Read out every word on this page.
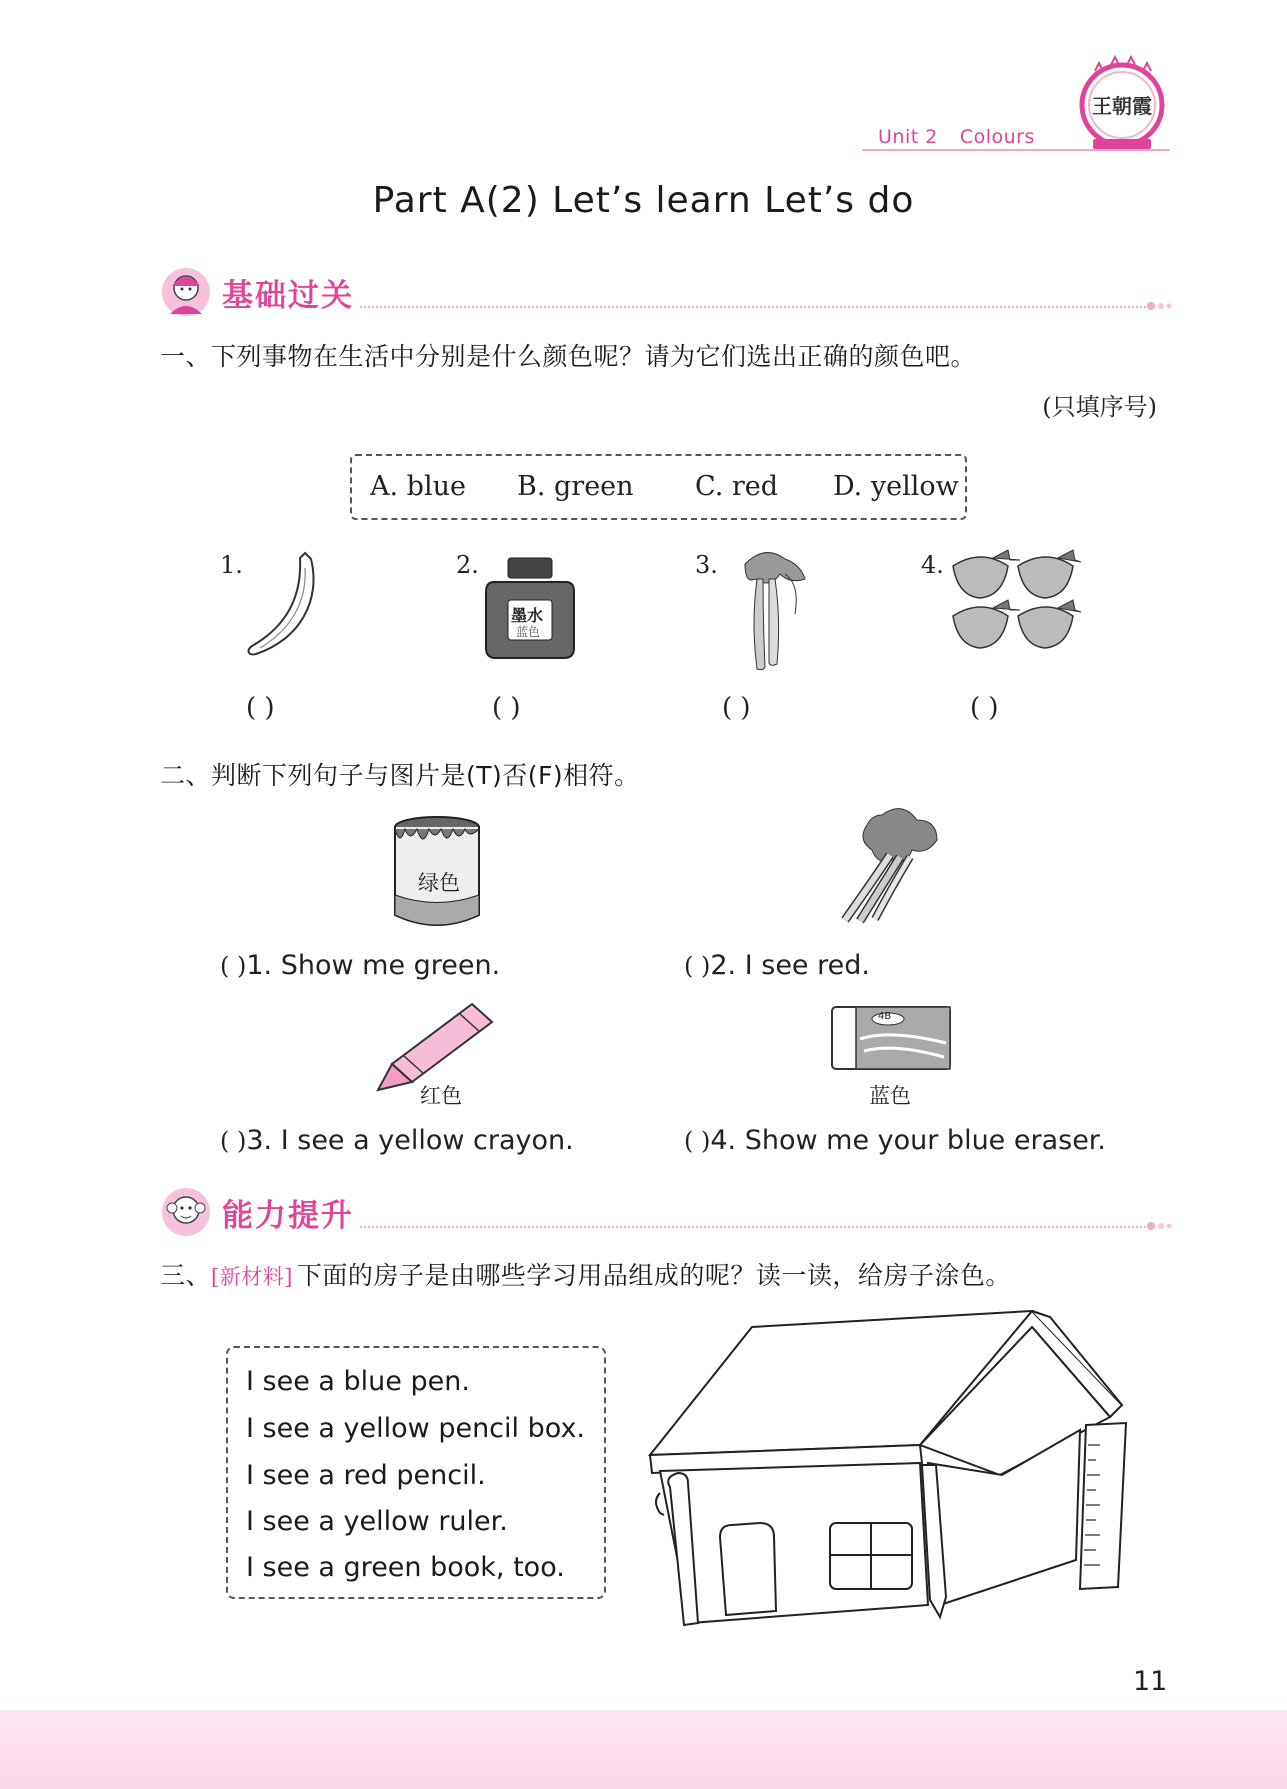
王朝霞
Unit 2 Colours
Part A(2) Let’s learn Let’s do
基础过关
一、下列事物在生活中分别是什么颜色呢？请为它们选出正确的颜色吧。
(只填序号)
A. blue B. green C. red D. yellow
1.
( )
2.
墨水
蓝色
( )
3.
( )
4.
( )
二、判断下列句子与图片是(T)否(F)相符。
绿色
( )1. Show me green.	( )2. I see red.
红色
4B
蓝色
( )3. I see a yellow crayon.	( )4. Show me your blue eraser.
能力提升
三、[新材料] 下面的房子是由哪些学习用品组成的呢？读一读，给房子涂色。
I see a blue pen.
I see a yellow pencil box.
I see a red pencil.
I see a yellow ruler.
I see a green book, too.
11
